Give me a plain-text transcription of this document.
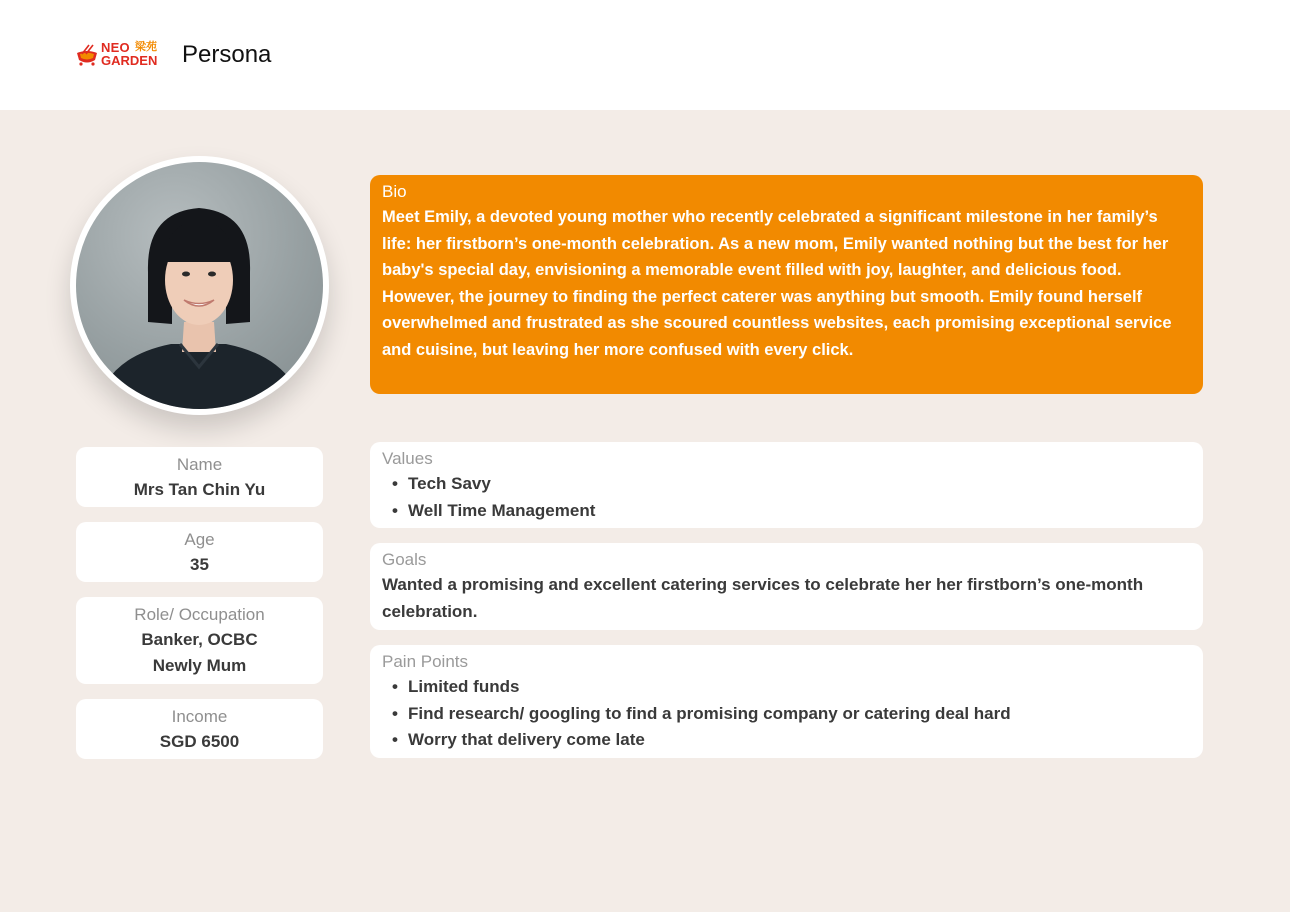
NEO 梁苑
GARDEN Persona
Name
Mrs Tan Chin Yu
Age
35
Role/ Occupation
Banker, OCBC
Newly Mum
Income
SGD 6500
Bio
Meet Emily, a devoted young mother who recently celebrated a significant milestone in her family’s life: her firstborn’s one-month celebration. As a new mom, Emily wanted nothing but the best for her baby's special day, envisioning a memorable event filled with joy, laughter, and delicious food. However, the journey to finding the perfect caterer was anything but smooth. Emily found herself overwhelmed and frustrated as she scoured countless websites, each promising exceptional service and cuisine, but leaving her more confused with every click.
Values
• Tech Savy
• Well Time Management
Goals
Wanted a promising and excellent catering services to celebrate her her firstborn’s one-month celebration.
Pain Points
• Limited funds
• Find research/ googling to find a promising company or catering deal hard
• Worry that delivery come late
